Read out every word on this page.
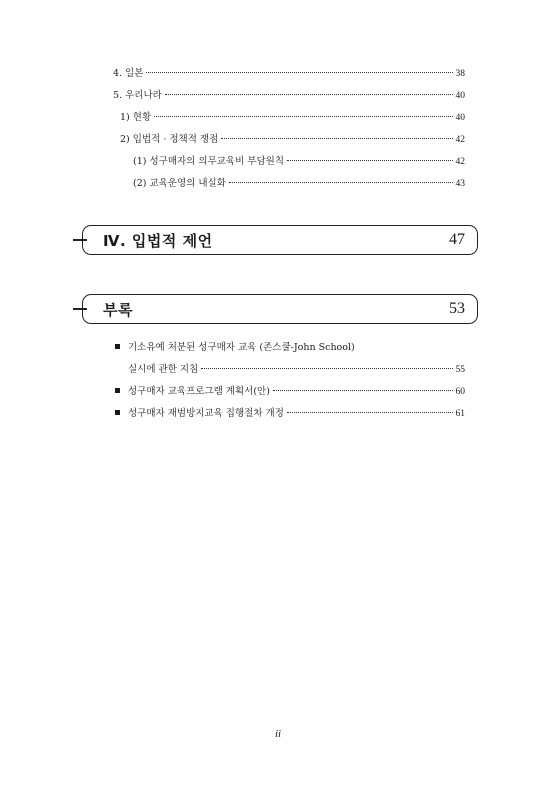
4. 일본	38
5. 우리나라	40
1) 현황	40
2) 입법적 · 정책적 쟁점	42
(1) 성구매자의 의무교육비 부담원칙	42
(2) 교육운영의 내실화	43
Ⅳ. 입법적 제언	47
부록	53
기소유예 처분된 성구매자 교육 (존스쿨-John School)
실시에 관한 지침	55
성구매자 교육프로그램 계획서(안)	60
성구매자 재범방지교육 집행절차 개정	61
ii
